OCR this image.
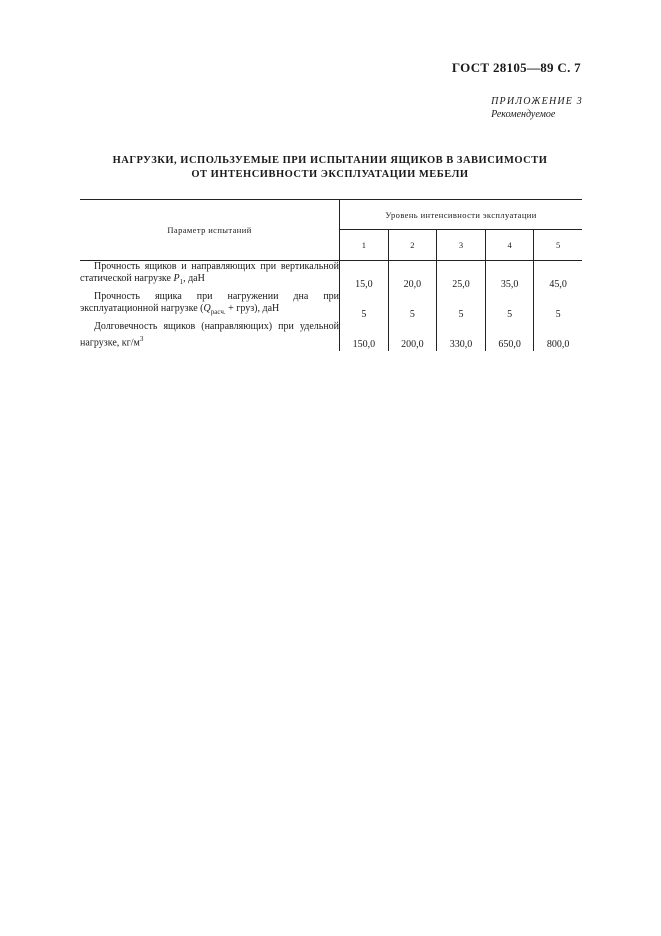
ГОСТ 28105—89 С. 7
ПРИЛОЖЕНИЕ 3
Рекомендуемое
НАГРУЗКИ, ИСПОЛЬЗУЕМЫЕ ПРИ ИСПЫТАНИИ ЯЩИКОВ В ЗАВИСИМОСТИ
ОТ ИНТЕНСИВНОСТИ ЭКСПЛУАТАЦИИ МЕБЕЛИ
Параметр испытаний	Уровень интенсивности эксплуатации				
	1	2	3	4	5
Прочность ящиков и направляющих при вертикальной статической нагрузке $P_1$, даН	15,0	20,0	25,0	35,0	45,0
Прочность ящика при нагружении дна при эксплуатационной нагрузке ($Q_{расч.}$ + груз), даН	5	5	5	5	5
Долговечность ящиков (направляющих) при удельной нагрузке, $кг/м^3$	150,0	200,0	330,0	650,0	800,0
